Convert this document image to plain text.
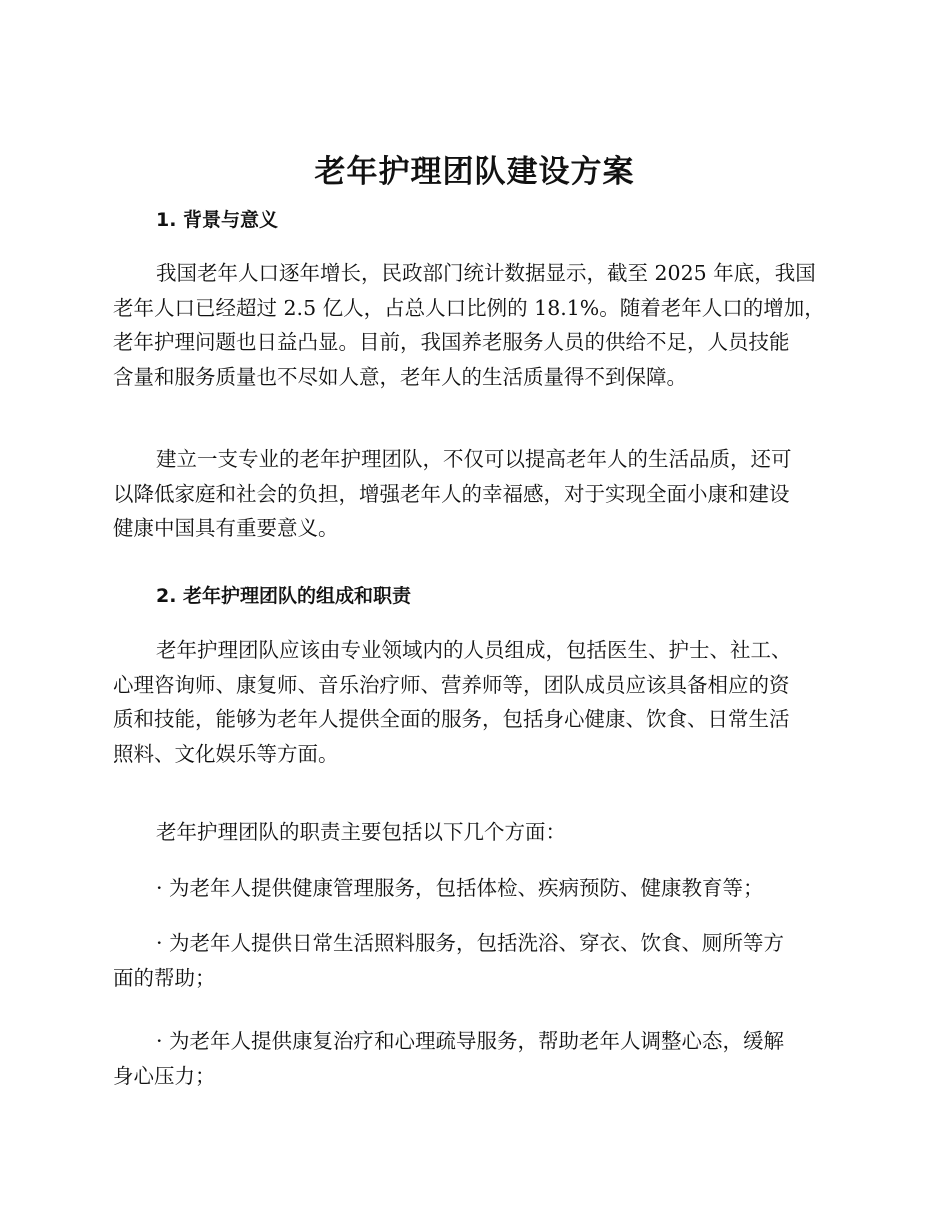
老年护理团队建设方案
1. 背景与意义

我国老年人口逐年增长，民政部门统计数据显示，截至 2025 年底，我国
老年人口已经超过 2.5 亿人，占总人口比例的 18.1%。随着老年人口的增加，
老年护理问题也日益凸显。目前，我国养老服务人员的供给不足，人员技能
含量和服务质量也不尽如人意，老年人的生活质量得不到保障。

建立一支专业的老年护理团队，不仅可以提高老年人的生活品质，还可
以降低家庭和社会的负担，增强老年人的幸福感，对于实现全面小康和建设
健康中国具有重要意义。

2. 老年护理团队的组成和职责

老年护理团队应该由专业领域内的人员组成，包括医生、护士、社工、
心理咨询师、康复师、音乐治疗师、营养师等，团队成员应该具备相应的资
质和技能，能够为老年人提供全面的服务，包括身心健康、饮食、日常生活
照料、文化娱乐等方面。

老年护理团队的职责主要包括以下几个方面：

· 为老年人提供健康管理服务，包括体检、疾病预防、健康教育等；

· 为老年人提供日常生活照料服务，包括洗浴、穿衣、饮食、厕所等方
面的帮助；

· 为老年人提供康复治疗和心理疏导服务，帮助老年人调整心态，缓解
身心压力；
